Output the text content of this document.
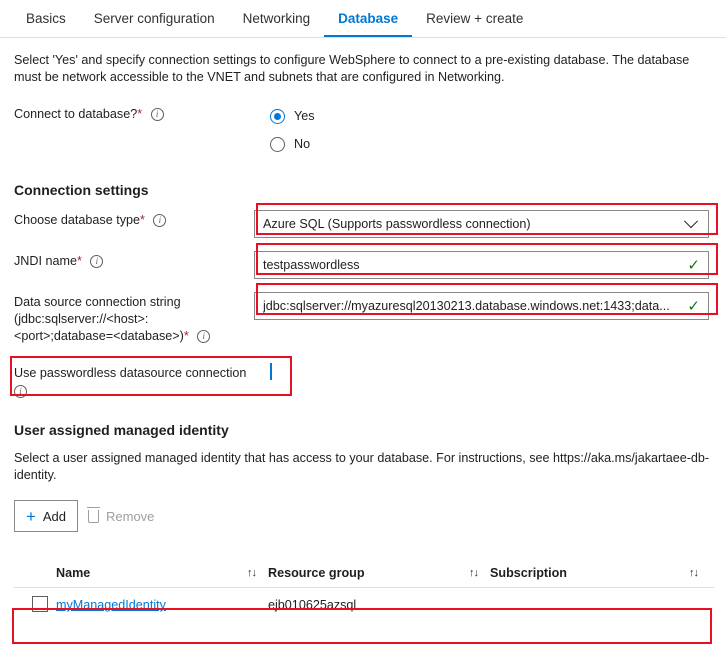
Basics	Server configuration	Networking	Database	Review + create
Select 'Yes' and specify connection settings to configure WebSphere to connect to a pre-existing database. The database must be network accessible to the VNET and subnets that are configured in Networking.
Connect to database?* i	Yes
No
Connection settings
Choose database type* i	Azure SQL (Supports passwordless connection)
JNDI name* i	testpasswordless	✓
Data source connection string
(jdbc:sqlserver://<host>:
<port>;database=<database>)* i
jdbc:sqlserver://myazuresql20130213.database.windows.net:1433;data...	✓
Use passwordless datasource connection
i
User assigned managed identity
Select a user assigned managed identity that has access to your database. For instructions, see https://aka.ms/jakartaee-db-identity.
+ Add	Remove
Name	↑↓ Resource group	↑↓ Subscription	↑↓
myManagedIdentity	ejb010625azsql
